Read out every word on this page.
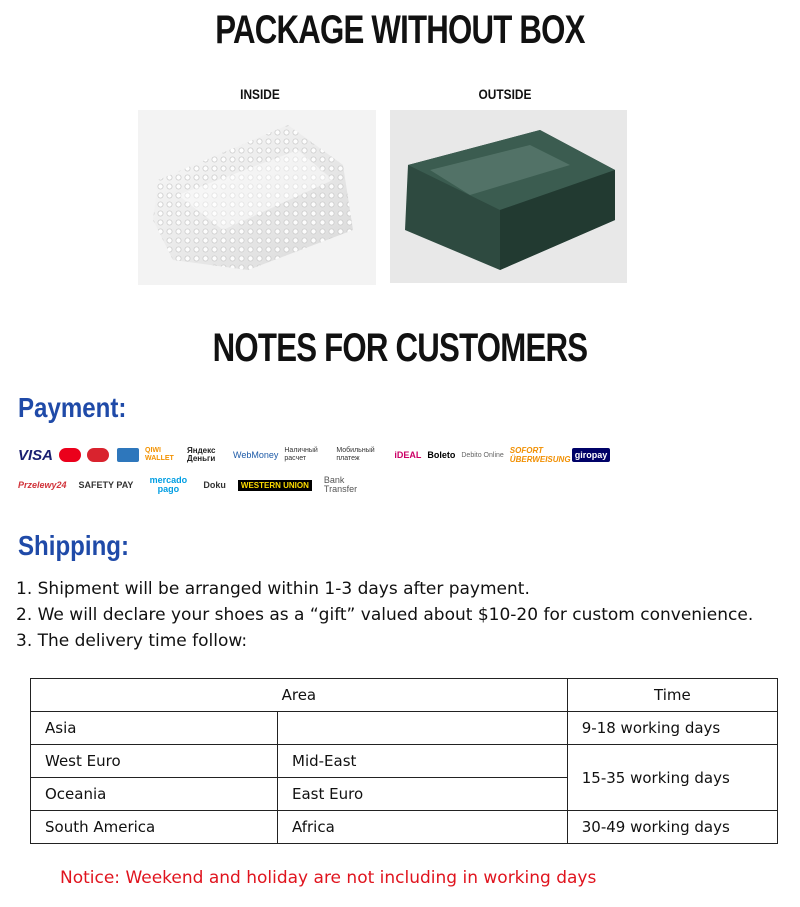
PACKAGE WITHOUT BOX
INSIDE	OUTSIDE
NOTES FOR CUSTOMERS
Payment:
VISA	QIWI WALLET
Яндекс Деньги	WebMoney Наличный расчет
Мобильный платеж	iDEAL Boleto Debito Online SOFORT ÜBERWEISUNG giropay
Przelewy24 SAFETY PAY	mercado pago	Doku	WESTERN UNION	Bank Transfer
Shipping:
1. Shipment will be arranged within 1-3 days after payment.
2. We will declare your shoes as a “gift” valued about $10-20 for custom convenience.
3. The delivery time follow:
Area		Time
Asia		9-18 working days
West Euro	Mid-East	15-35 working days
Oceania	East Euro	
South America	Africa	30-49 working days
Notice: Weekend and holiday are not including in working days
